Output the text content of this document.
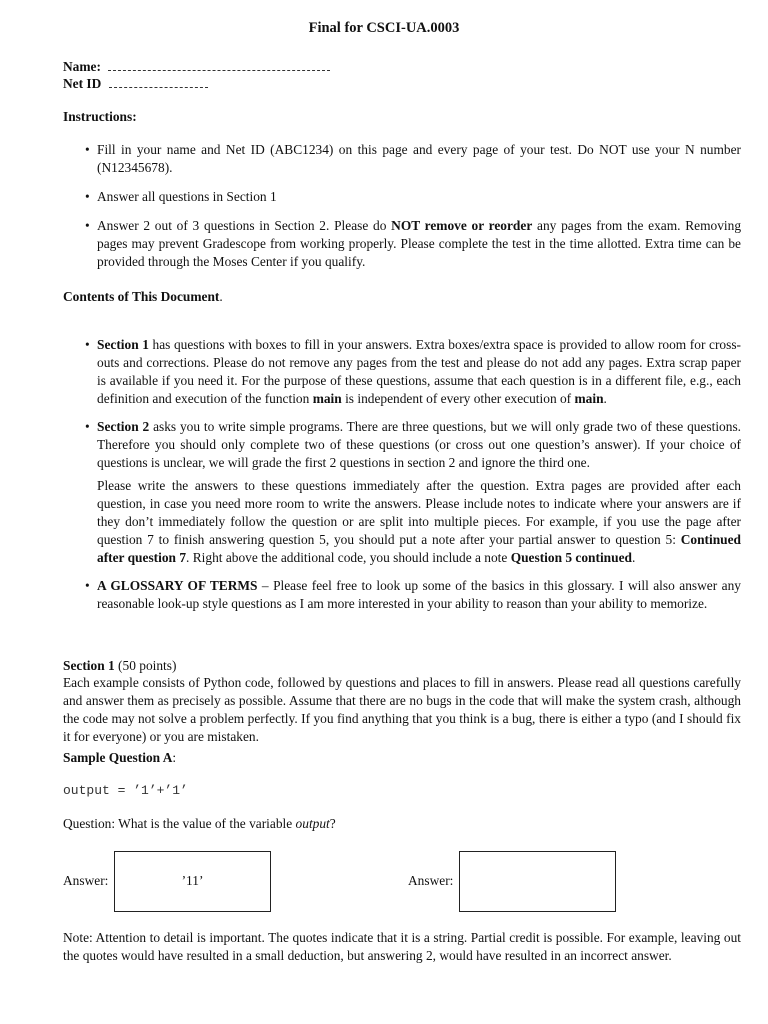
Final for CSCI-UA.0003
Name:
Net ID
Instructions:
• Fill in your name and Net ID (ABC1234) on this page and every page of your test. Do NOT use your N number (N12345678).
• Answer all questions in Section 1
• Answer 2 out of 3 questions in Section 2. Please do NOT remove or reorder any pages from the exam. Removing pages may prevent Gradescope from working properly. Please complete the test in the time allotted. Extra time can be provided through the Moses Center if you qualify.
Contents of This Document.
• Section 1 has questions with boxes to fill in your answers. Extra boxes/extra space is provided to allow room for cross-outs and corrections. Please do not remove any pages from the test and please do not add any pages. Extra scrap paper is available if you need it. For the purpose of these questions, assume that each question is in a different file, e.g., each definition and execution of the function main is independent of every other execution of main.
• Section 2 asks you to write simple programs. There are three questions, but we will only grade two of these questions. Therefore you should only complete two of these questions (or cross out one question’s answer). If your choice of questions is unclear, we will grade the first 2 questions in section 2 and ignore the third one.
Please write the answers to these questions immediately after the question. Extra pages are provided after each question, in case you need more room to write the answers. Please include notes to indicate where your answers are if they don’t immediately follow the question or are split into multiple pieces. For example, if you use the page after question 7 to finish answering question 5, you should put a note after your partial answer to question 5: Continued after question 7. Right above the additional code, you should include a note Question 5 continued.
• A GLOSSARY OF TERMS – Please feel free to look up some of the basics in this glossary. I will also answer any reasonable look-up style questions as I am more interested in your ability to reason than your ability to memorize.
Section 1 (50 points)
Each example consists of Python code, followed by questions and places to fill in answers. Please read all questions carefully and answer them as precisely as possible. Assume that there are no bugs in the code that will make the system crash, although the code may not solve a problem perfectly. If you find anything that you think is a bug, there is either a typo (and I should fix it for everyone) or you are mistaken.
Sample Question A:
output = ’1’+’1’
Question: What is the value of the variable output?
Answer:	’11’	Answer:
Note: Attention to detail is important. The quotes indicate that it is a string. Partial credit is possible. For example, leaving out the quotes would have resulted in a small deduction, but answering 2, would have resulted in an incorrect answer.
